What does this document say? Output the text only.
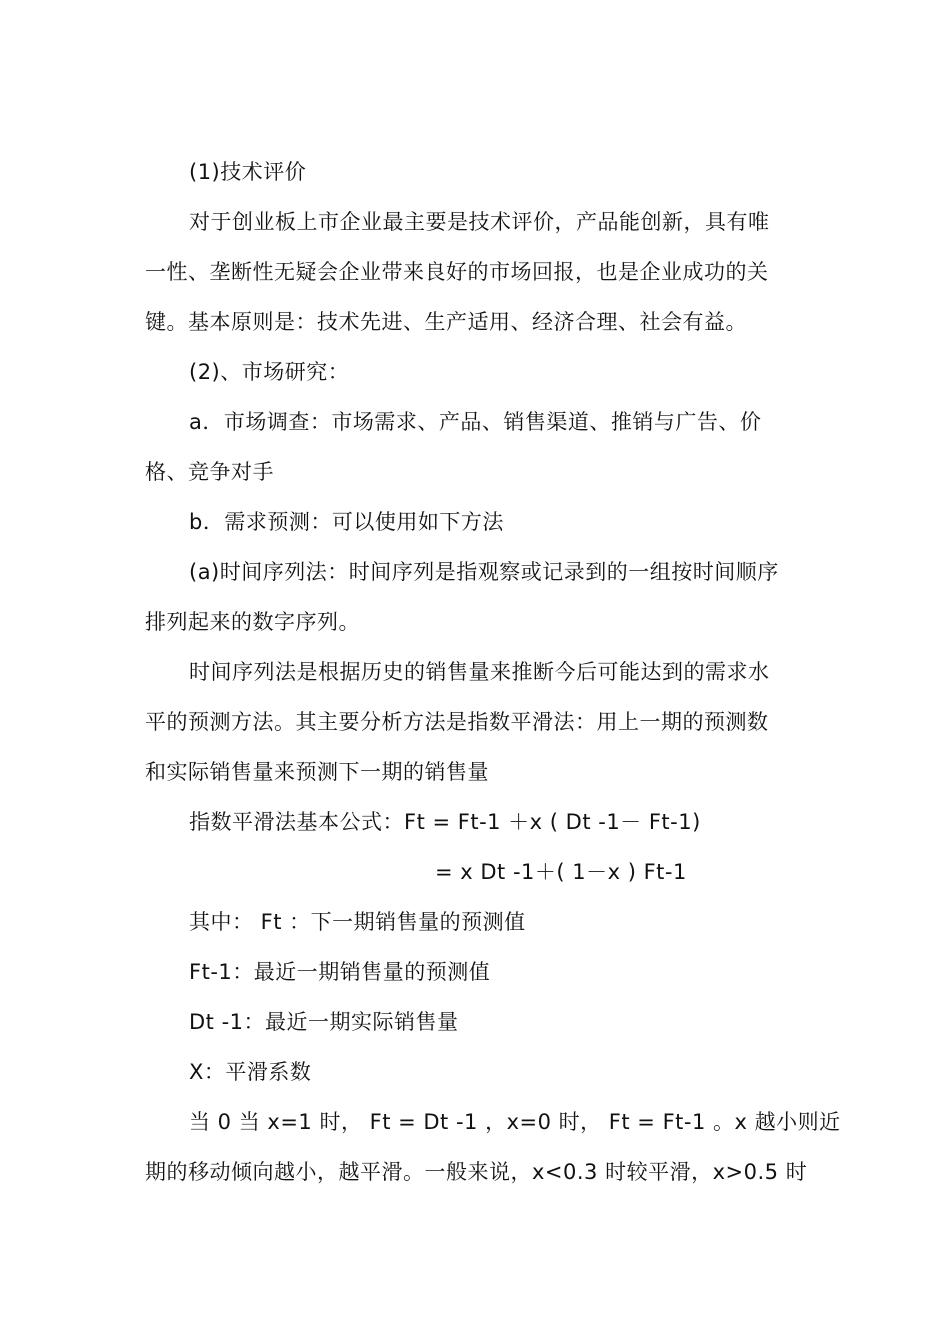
(1)技术评价
对于创业板上市企业最主要是技术评价，产品能创新，具有唯
一性、垄断性无疑会企业带来良好的市场回报，也是企业成功的关
键。基本原则是：技术先进、生产适用、经济合理、社会有益。
(2)、市场研究：
a．市场调查：市场需求、产品、销售渠道、推销与广告、价
格、竞争对手
b．需求预测：可以使用如下方法
(a)时间序列法：时间序列是指观察或记录到的一组按时间顺序
排列起来的数字序列。
时间序列法是根据历史的销售量来推断今后可能达到的需求水
平的预测方法。其主要分析方法是指数平滑法：用上一期的预测数
和实际销售量来预测下一期的销售量
指数平滑法基本公式：Ft = Ft-1 ＋x ( Dt -1－ Ft-1)
= x Dt -1＋( 1－x ) Ft-1
其中： Ft ：下一期销售量的预测值
Ft-1：最近一期销售量的预测值
Dt -1：最近一期实际销售量
X：平滑系数
当 0 当 x=1 时， Ft = Dt -1 ，x=0 时， Ft = Ft-1 。x 越小则近
期的移动倾向越小，越平滑。一般来说，x<0.3 时较平滑，x>0.5 时
